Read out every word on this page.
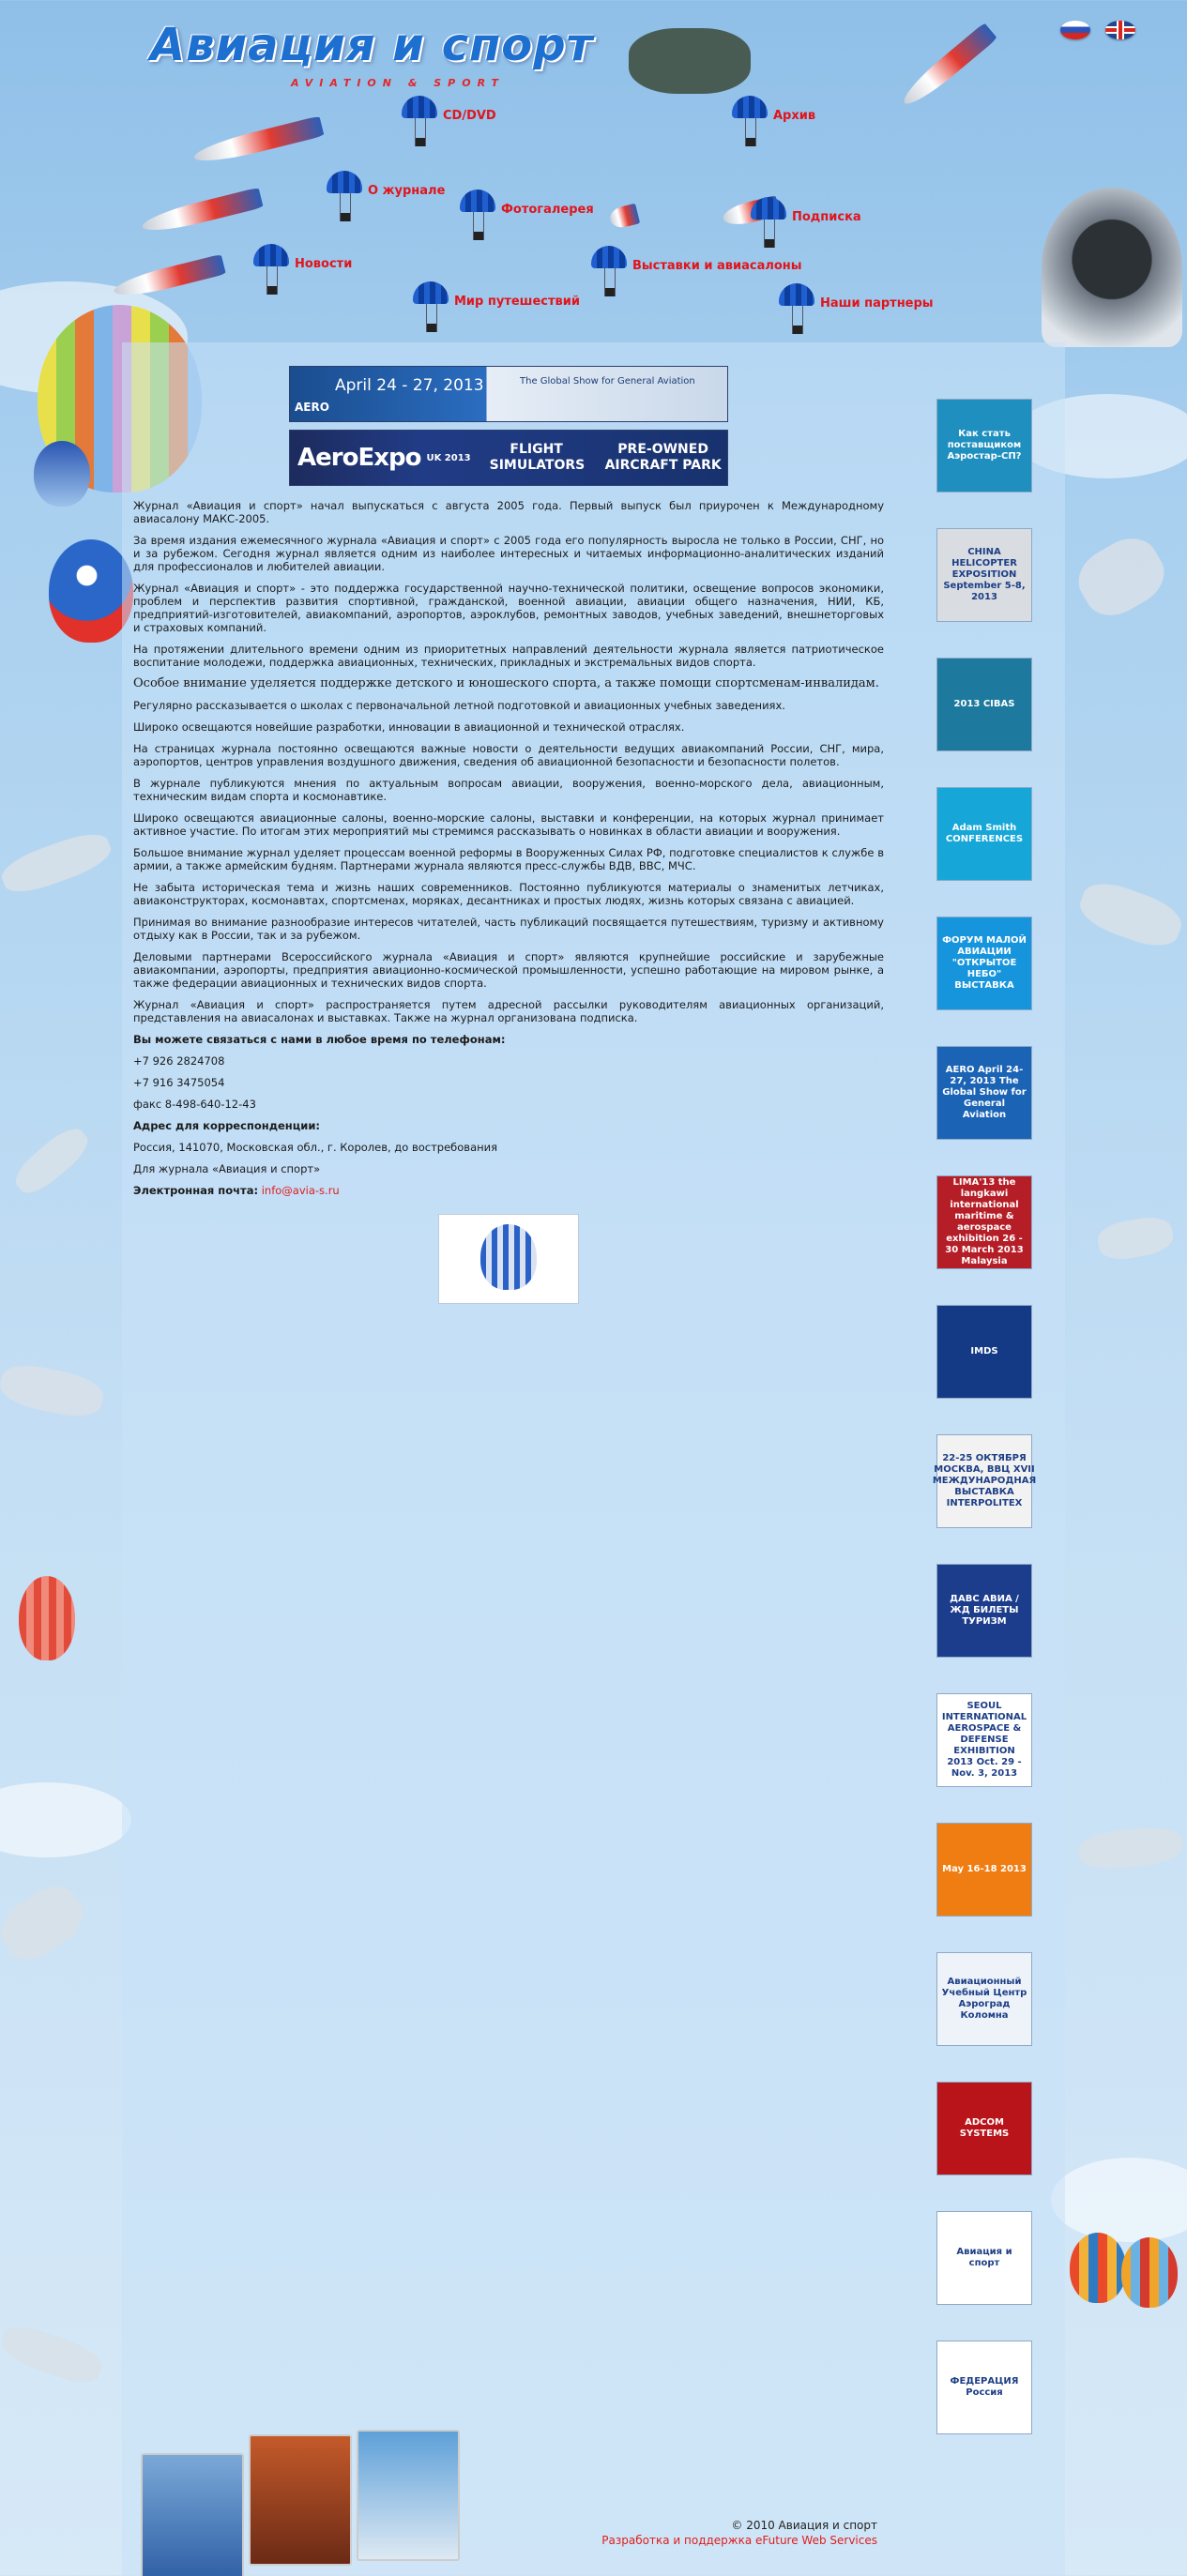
Авиация и спорт
AVIATION & SPORT
CD/DVD	Архив
О журнале
Фотогалерея
Подписка
Новости	Выставки и авиасалоны
Мир путешествий	Наши партнеры
April 24 - 27, 2013	The Global Show for General Aviation
AERO
AeroExpo UK 2013
FLIGHT SIMULATORS
PRE-OWNED AIRCRAFT PARK

Журнал «Авиация и спорт» начал выпускаться с августа 2005 года. Первый выпуск был приурочен к Международному авиасалону МАКС-2005.

За время издания ежемесячного журнала «Авиация и спорт» с 2005 года его популярность выросла не только в России, СНГ, но и за рубежом. Сегодня журнал является одним из наиболее интересных и читаемых информационно-аналитических изданий для профессионалов и любителей авиации.

Журнал «Авиация и спорт» - это поддержка государственной научно-технической политики, освещение вопросов экономики, проблем и перспектив развития спортивной, гражданской, военной авиации, авиации общего назначения, НИИ, КБ, предприятий-изготовителей, авиакомпаний, аэропортов, аэроклубов, ремонтных заводов, учебных заведений, внешнеторговых и страховых компаний.

На протяжении длительного времени одним из приоритетных направлений деятельности журнала является патриотическое воспитание молодежи, поддержка авиационных, технических, прикладных и экстремальных видов спорта.

Особое внимание уделяется поддержке детского и юношеского спорта, а также помощи спортсменам-инвалидам.

Регулярно рассказывается о школах с первоначальной летной подготовкой и авиационных учебных заведениях.

Широко освещаются новейшие разработки, инновации в авиационной и технической отраслях.

На страницах журнала постоянно освещаются важные новости о деятельности ведущих авиакомпаний России, СНГ, мира, аэропортов, центров управления воздушного движения, сведения об авиационной безопасности и безопасности полетов.

В журнале публикуются мнения по актуальным вопросам авиации, вооружения, военно-морского дела, авиационным, техническим видам спорта и космонавтике.

Широко освещаются авиационные салоны, военно-морские салоны, выставки и конференции, на которых журнал принимает активное участие. По итогам этих мероприятий мы стремимся рассказывать о новинках в области авиации и вооружения.

Большое внимание журнал уделяет процессам военной реформы в Вооруженных Силах РФ, подготовке специалистов к службе в армии, а также армейским будням. Партнерами журнала являются пресс-службы ВДВ, ВВС, МЧС.

Не забыта историческая тема и жизнь наших современников. Постоянно публикуются материалы о знаменитых летчиках, авиаконструкторах, космонавтах, спортсменах, моряках, десантниках и простых людях, жизнь которых связана с авиацией.

Принимая во внимание разнообразие интересов читателей, часть публикаций посвящается путешествиям, туризму и активному отдыху как в России, так и за рубежом.

Деловыми партнерами Всероссийского журнала «Авиация и спорт» являются крупнейшие российские и зарубежные авиакомпании, аэропорты, предприятия авиационно-космической промышленности, успешно работающие на мировом рынке, а также федерации авиационных и технических видов спорта.

Журнал «Авиация и спорт» распространяется путем адресной рассылки руководителям авиационных организаций, представления на авиасалонах и выставках. Также на журнал организована подписка.

Вы можете связаться с нами в любое время по телефонам:

+7 926 2824708

+7 916 3475054

факс 8-498-640-12-43

Адрес для корреспонденции:

Россия, 141070, Московская обл., г. Королев, до востребования

Для журнала «Авиация и спорт»

Электронная почта: info@avia-s.ru

Как стать поставщиком Аэростар-СП?
CHINA HELICOPTER EXPOSITION September 5-8, 2013
2013 CIBAS
Adam Smith CONFERENCES
ФОРУМ МАЛОЙ АВИАЦИИ "ОТКРЫТОЕ НЕБО" ВЫСТАВКА
AERO April 24-27, 2013 The Global Show for General Aviation
LIMA'13 the langkawi international maritime & aerospace exhibition 26 - 30 March 2013 Malaysia
IMDS
22-25 ОКТЯБРЯ МОСКВА, ВВЦ XVII МЕЖДУНАРОДНАЯ ВЫСТАВКА INTERPOLITEX
ДАВС АВИА / ЖД БИЛЕТЫ ТУРИЗМ
SEOUL INTERNATIONAL AEROSPACE & DEFENSE EXHIBITION 2013 Oct. 29 - Nov. 3, 2013
May 16-18 2013
Авиационный Учебный Центр Аэроград Коломна
ADCOM SYSTEMS
Авиация и спорт
ФЕДЕРАЦИЯ Россия
© 2010 Авиация и спорт
Разработка и поддержка eFuture Web Services
